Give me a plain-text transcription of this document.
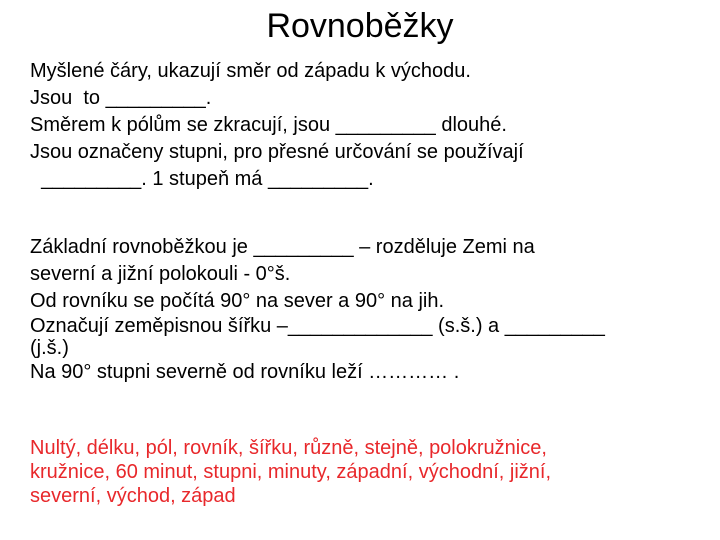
Rovnoběžky
Myšlené čáry, ukazují směr od západu k východu.
Jsou  to _________.
Směrem k pólům se zkracují, jsou _________ dlouhé.
Jsou označeny stupni, pro přesné určování se používají
_________. 1 stupeň má _________.
Základní rovnoběžkou je _________ – rozděluje Zemi na
severní a jižní polokouli - 0°š.
Od rovníku se počítá 90° na sever a 90° na jih.
Označují zeměpisnou šířku –_____________ (s.š.) a _________
(j.š.)
Na 90° stupni severně od rovníku leží ………… .
Nultý, délku, pól, rovník, šířku, různě, stejně, polokružnice,
kružnice, 60 minut, stupni, minuty, západní, východní, jižní,
severní, východ, západ
